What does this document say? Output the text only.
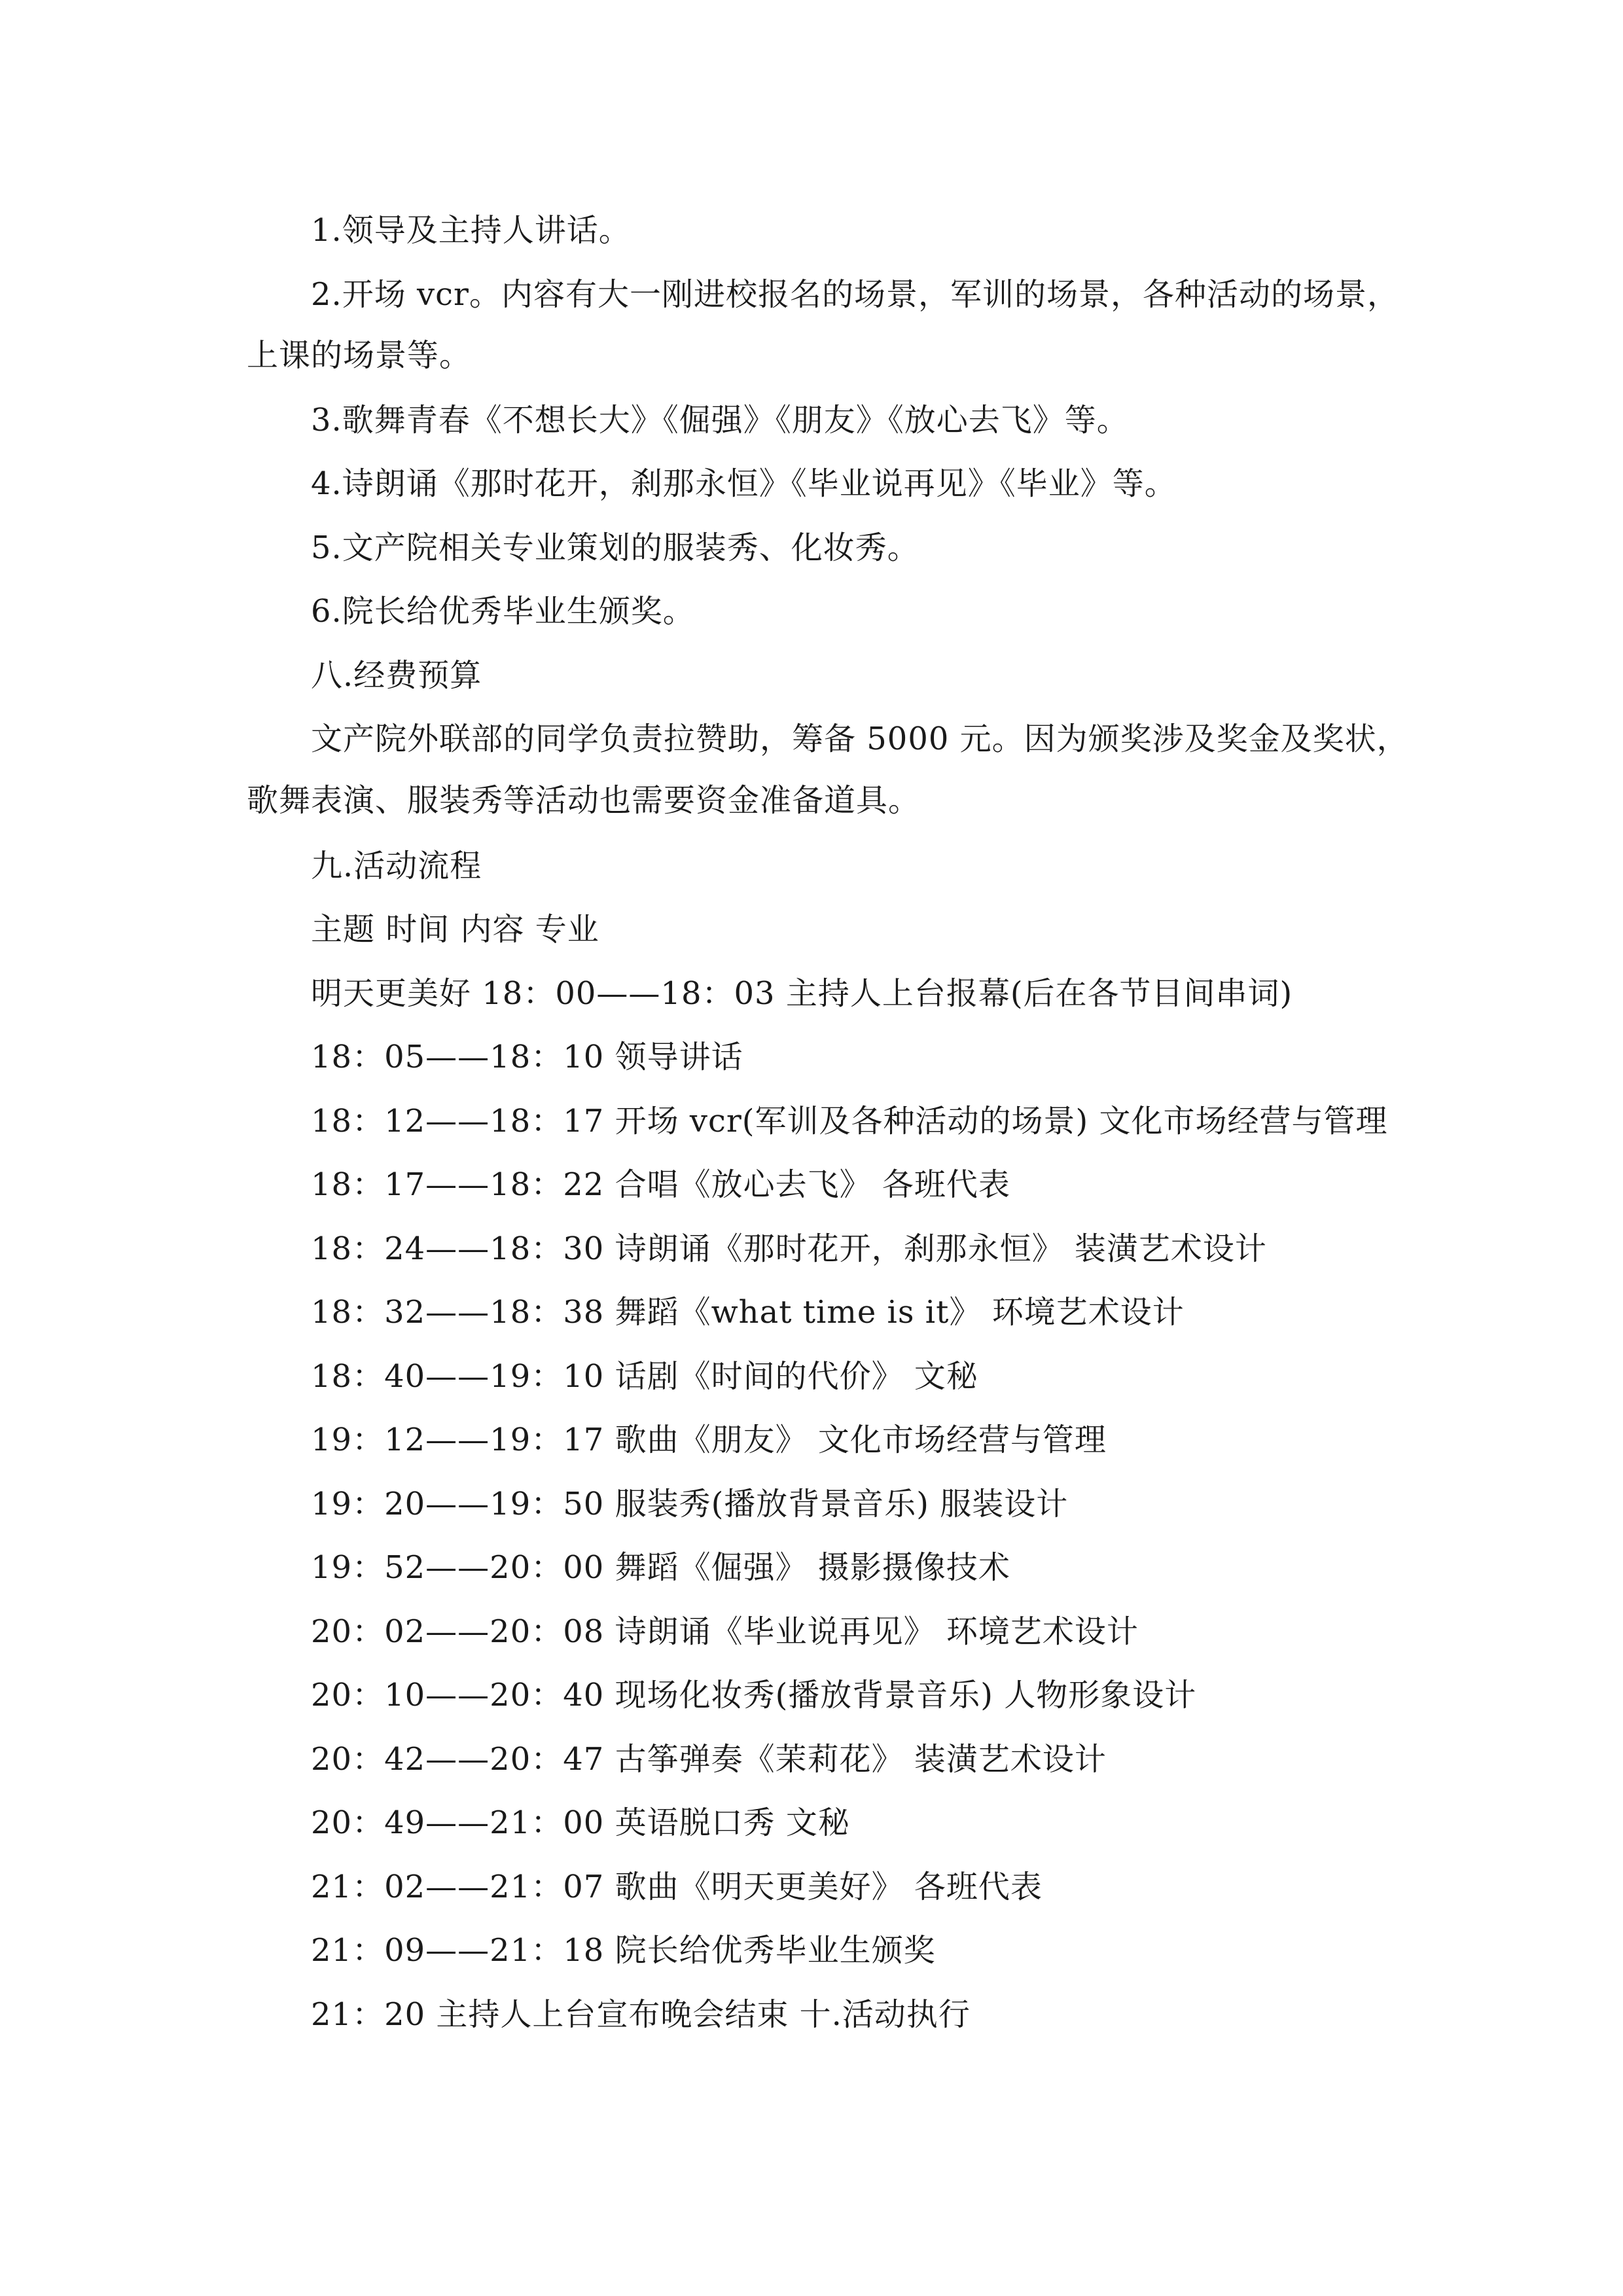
1.领导及主持人讲话。
2.开场 vcr。内容有大一刚进校报名的场景，军训的场景，各种活动的场景，
上课的场景等。
3.歌舞青春《不想长大》《倔强》《朋友》《放心去飞》等。
4.诗朗诵《那时花开，刹那永恒》《毕业说再见》《毕业》等。
5.文产院相关专业策划的服装秀、化妆秀。
6.院长给优秀毕业生颁奖。
八.经费预算
文产院外联部的同学负责拉赞助，筹备 5000 元。因为颁奖涉及奖金及奖状，
歌舞表演、服装秀等活动也需要资金准备道具。
九.活动流程
主题 时间 内容 专业
明天更美好 18：00——18：03 主持人上台报幕(后在各节目间串词)
18：05——18：10 领导讲话
18：12——18：17 开场 vcr(军训及各种活动的场景) 文化市场经营与管理
18：17——18：22 合唱《放心去飞》 各班代表
18：24——18：30 诗朗诵《那时花开，刹那永恒》 装潢艺术设计
18：32——18：38 舞蹈《what time is it》 环境艺术设计
18：40——19：10 话剧《时间的代价》 文秘
19：12——19：17 歌曲《朋友》 文化市场经营与管理
19：20——19：50 服装秀(播放背景音乐) 服装设计
19：52——20：00 舞蹈《倔强》 摄影摄像技术
20：02——20：08 诗朗诵《毕业说再见》 环境艺术设计
20：10——20：40 现场化妆秀(播放背景音乐) 人物形象设计
20：42——20：47 古筝弹奏《茉莉花》 装潢艺术设计
20：49——21：00 英语脱口秀 文秘
21：02——21：07 歌曲《明天更美好》 各班代表
21：09——21：18 院长给优秀毕业生颁奖
21：20 主持人上台宣布晚会结束 十.活动执行
